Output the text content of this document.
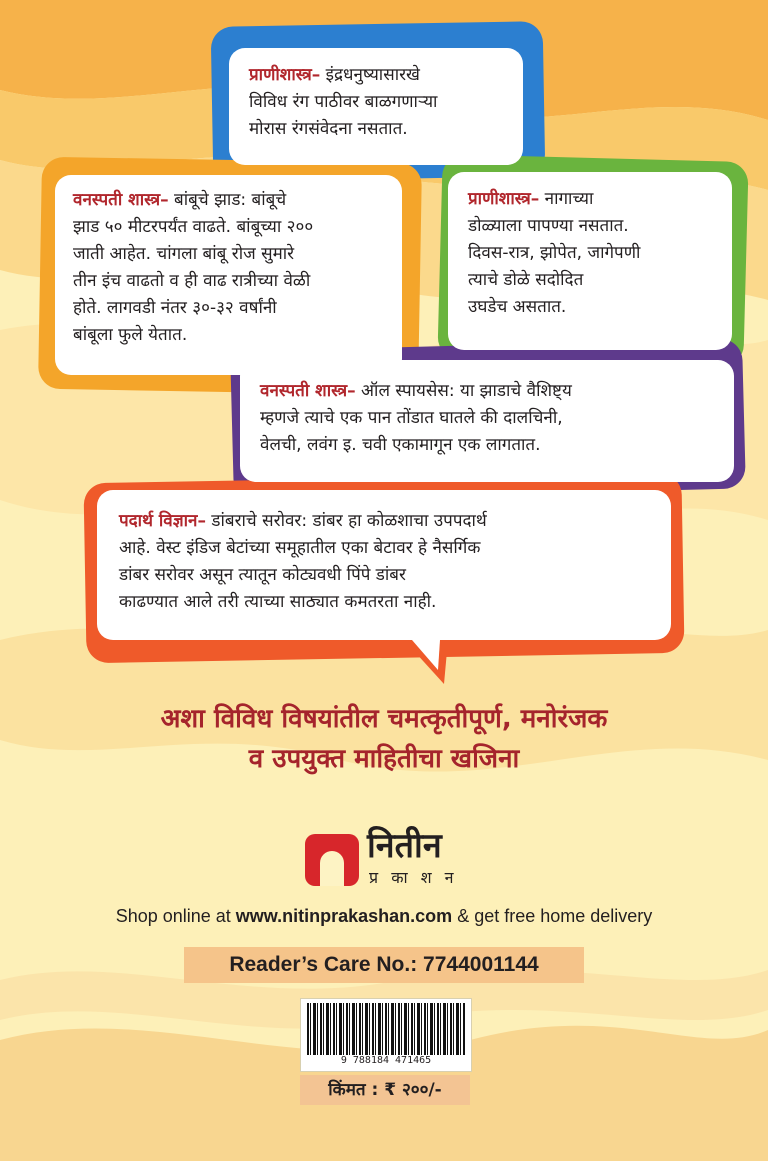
प्राणीशास्त्र– इंद्रधनुष्यासारखे

विविध रंग पाठीवर बाळगणाऱ्या

मोरास रंगसंवेदना नसतात.

वनस्पती शास्त्र– बांबूचे झाड: बांबूचे

झाड ५० मीटरपर्यंत वाढते. बांबूच्या २००

जाती आहेत. चांगला बांबू रोज सुमारे

तीन इंच वाढतो व ही वाढ रात्रीच्या वेळी

होते. लागवडी नंतर ३०-३२ वर्षांनी

बांबूला फुले येतात.

प्राणीशास्त्र– नागाच्या

डोळ्याला पापण्या नसतात.

दिवस-रात्र, झोपेत, जागेपणी

त्याचे डोळे सदोदित

उघडेच असतात.

वनस्पती शास्त्र– ऑल स्पायसेस: या झाडाचे वैशिष्ट्य

म्हणजे त्याचे एक पान तोंडात घातले की दालचिनी,

वेलची, लवंग इ. चवी एकामागून एक लागतात.

पदार्थ विज्ञान– डांबराचे सरोवर: डांबर हा कोळशाचा उपपदार्थ

आहे. वेस्ट इंडिज बेटांच्या समूहातील एका बेटावर हे नैसर्गिक

डांबर सरोवर असून त्यातून कोट्यवधी पिंपे डांबर

काढण्यात आले तरी त्याच्या साठ्यात कमतरता नाही.

अशा विविध विषयांतील चमत्कृतीपूर्ण, मनोरंजक
व उपयुक्त माहितीचा खजिना
नितीन
प्र का श न
Shop online at www.nitinprakashan.com & get free home delivery
Reader’s Care No.: 7744001144
9 788184 471465
किंमत : ₹ २००/-
